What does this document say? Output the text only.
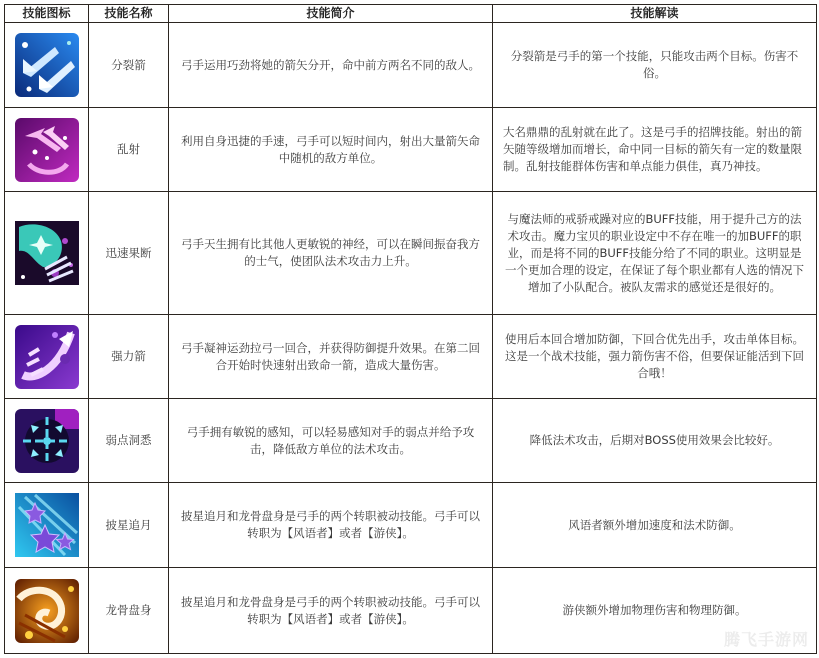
技能图标	技能名称	技能简介	技能解读

	分裂箭	弓手运用巧劲将她的箭矢分开，命中前方两名不同的敌人。	分裂箭是弓手的第一个技能，只能攻击两个目标。伤害不俗。

	乱射	利用自身迅捷的手速，弓手可以短时间内，射出大量箭矢命中随机的敌方单位。	大名鼎鼎的乱射就在此了。这是弓手的招牌技能。射出的箭矢随等级增加而增长，命中同一目标的箭矢有一定的数量限制。乱射技能群体伤害和单点能力俱佳，真乃神技。

	迅速果断	弓手天生拥有比其他人更敏锐的神经，可以在瞬间振奋我方的士气，使团队法术攻击力上升。	与魔法师的戒骄戒躁对应的BUFF技能，用于提升己方的法术攻击。魔力宝贝的职业设定中不存在唯一的加BUFF的职业，而是将不同的BUFF技能分给了不同的职业。这明显是一个更加合理的设定，在保证了每个职业都有人选的情况下增加了小队配合。被队友需求的感觉还是很好的。

	强力箭	弓手凝神运劲拉弓一回合，并获得防御提升效果。在第二回合开始时快速射出致命一箭，造成大量伤害。	使用后本回合增加防御，下回合优先出手，攻击单体目标。这是一个战术技能，强力箭伤害不俗，但要保证能活到下回合哦！

	弱点洞悉	弓手拥有敏锐的感知，可以轻易感知对手的弱点并给予攻击，降低敌方单位的法术攻击。	降低法术攻击，后期对BOSS使用效果会比较好。

	披星追月	披星追月和龙骨盘身是弓手的两个转职被动技能。弓手可以转职为【风语者】或者【游侠】。	风语者额外增加速度和法术防御。

	龙骨盘身	披星追月和龙骨盘身是弓手的两个转职被动技能。弓手可以转职为【风语者】或者【游侠】。	游侠额外增加物理伤害和物理防御。
腾飞手游网
